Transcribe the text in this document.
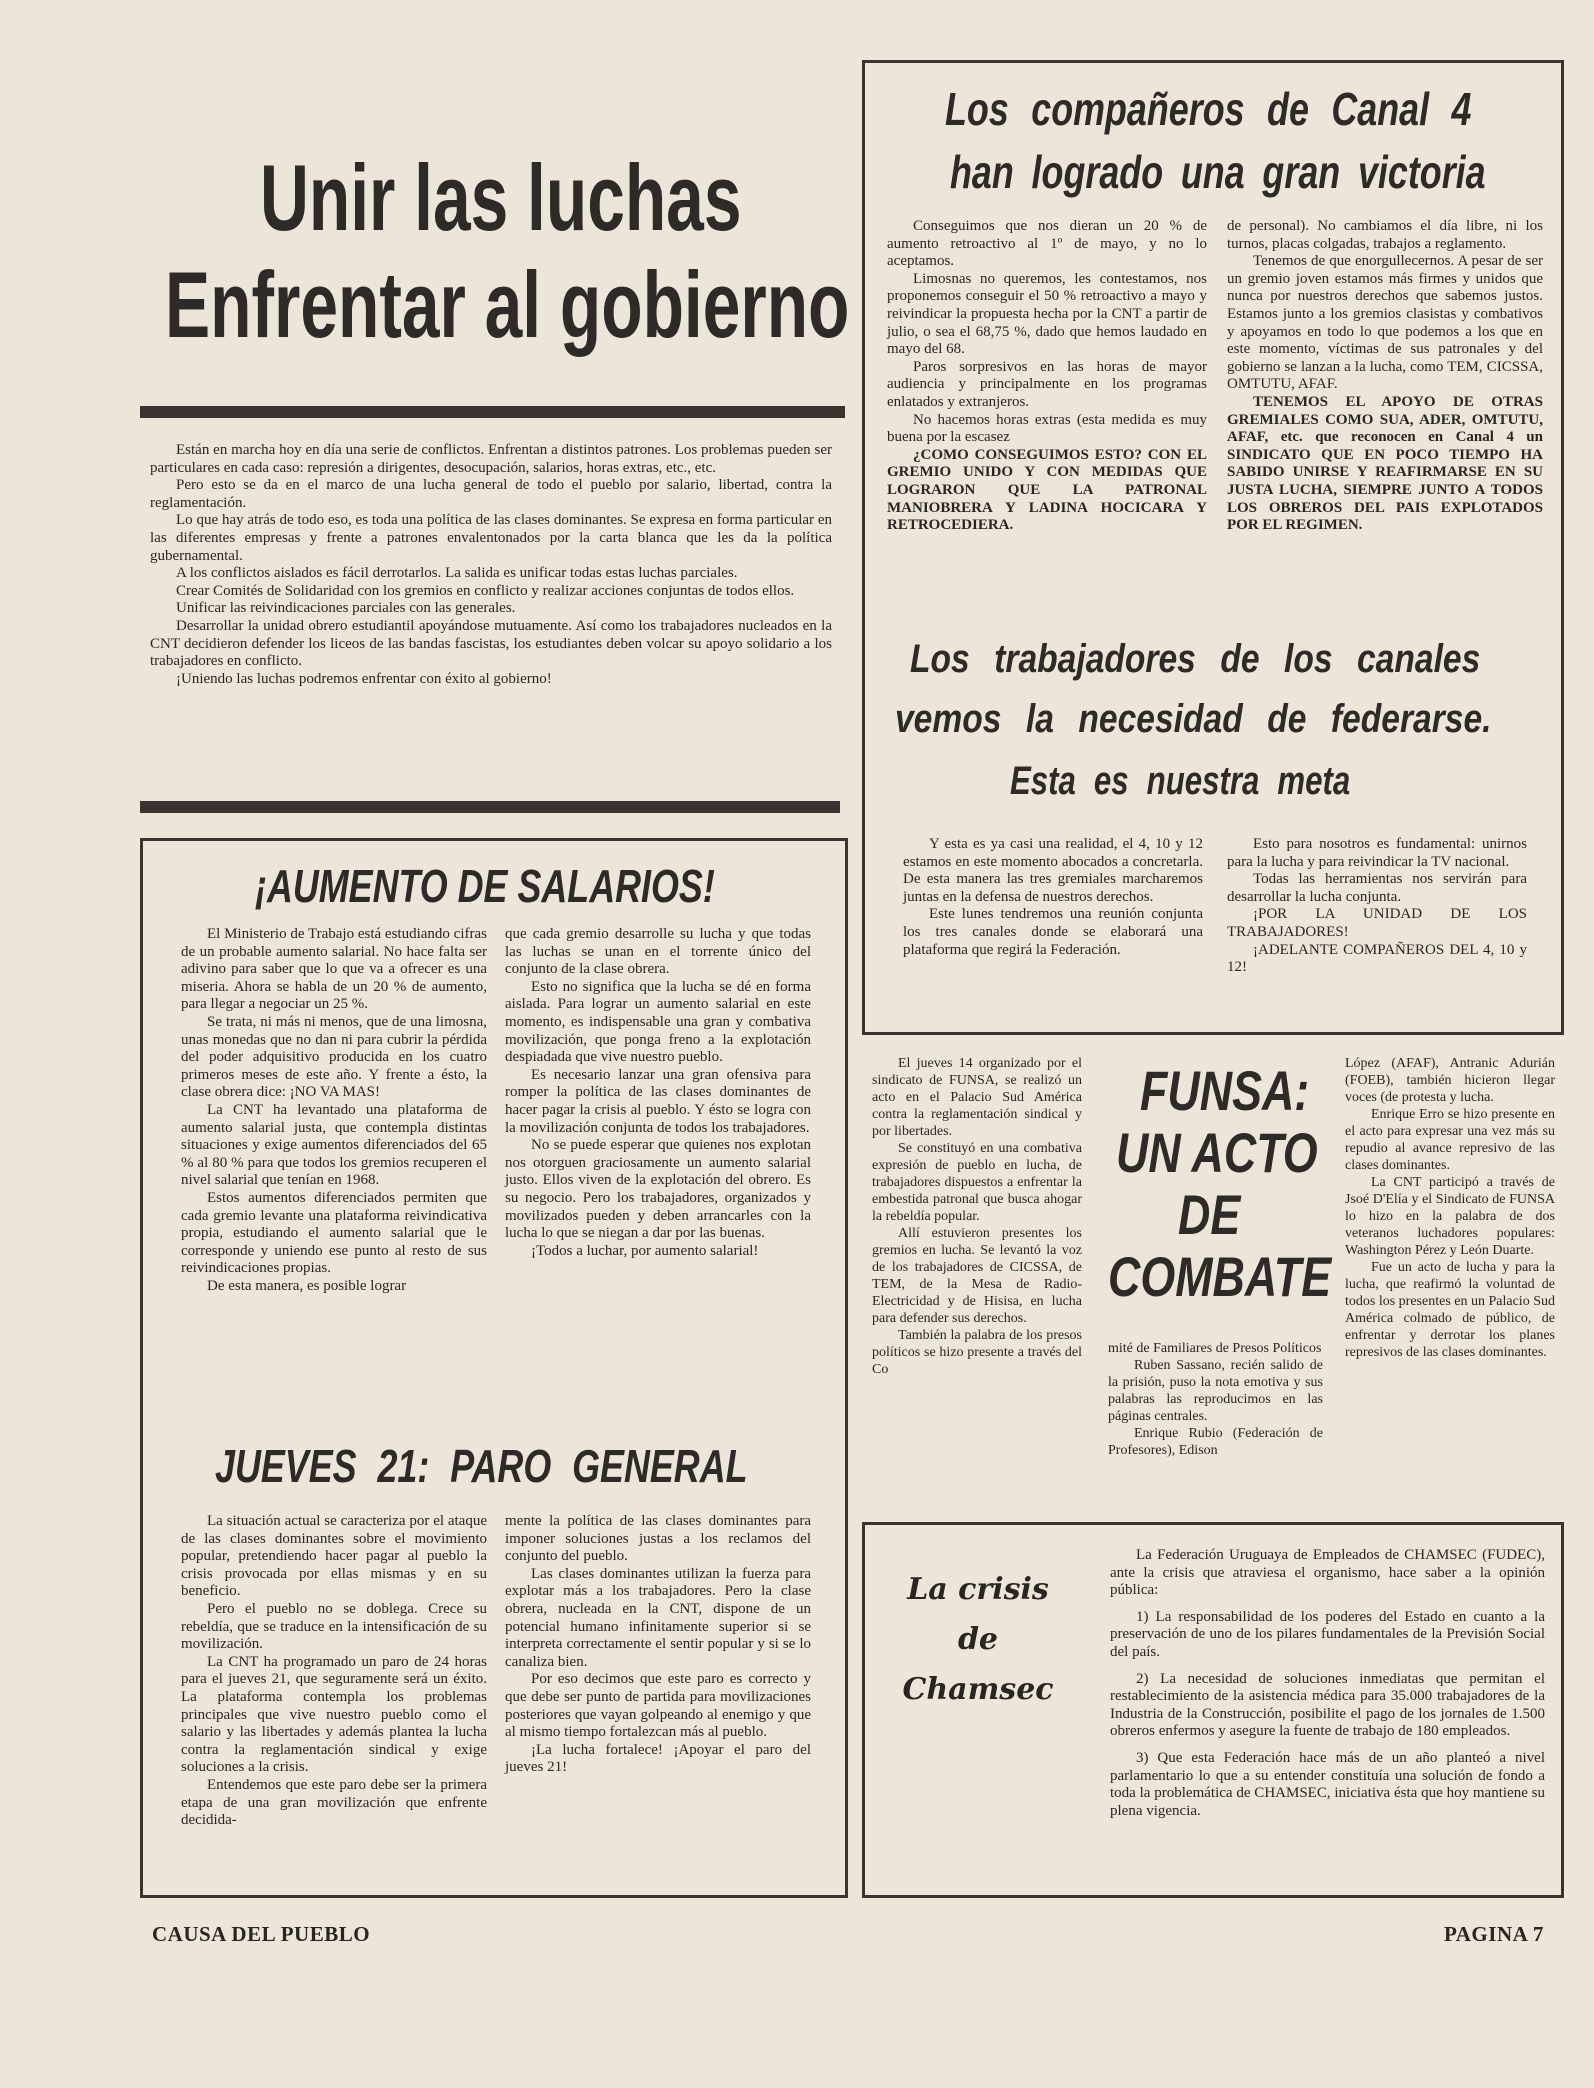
Unir las luchas
Enfrentar al gobierno

Están en marcha hoy en día una serie de conflictos. Enfrentan a distintos patrones. Los problemas pueden ser particulares en cada caso: represión a dirigentes, desocupación, salarios, horas extras, etc., etc.

Pero esto se da en el marco de una lucha general de todo el pueblo por salario, libertad, contra la reglamentación.

Lo que hay atrás de todo eso, es toda una política de las clases dominantes. Se expresa en forma particular en las diferentes empresas y frente a patrones envalentonados por la carta blanca que les da la política gubernamental.

A los conflictos aislados es fácil derrotarlos. La salida es unificar todas estas luchas parciales.

Crear Comités de Solidaridad con los gremios en conflicto y realizar acciones conjuntas de todos ellos.

Unificar las reivindicaciones parciales con las generales.

Desarrollar la unidad obrero estudiantil apoyándose mutuamente. Así como los trabajadores nucleados en la CNT decidieron defender los liceos de las bandas fascistas, los estudiantes deben volcar su apoyo solidario a los trabajadores en conflicto.

¡Uniendo las luchas podremos enfrentar con éxito al gobierno!

¡AUMENTO DE SALARIOS!

El Ministerio de Trabajo está estudiando cifras de un probable aumento salarial. No hace falta ser adivino para saber que lo que va a ofrecer es una miseria. Ahora se habla de un 20 % de aumento, para llegar a negociar un 25 %.

Se trata, ni más ni menos, que de una limosna, unas monedas que no dan ni para cubrir la pérdida del poder adquisitivo producida en los cuatro primeros meses de este año. Y frente a ésto, la clase obrera dice: ¡NO VA MAS!

La CNT ha levantado una plataforma de aumento salarial justa, que contempla distintas situaciones y exige aumentos diferenciados del 65 % al 80 % para que todos los gremios recuperen el nivel salarial que tenían en 1968.

Estos aumentos diferenciados permiten que cada gremio levante una plataforma reivindicativa propia, estudiando el aumento salarial que le corresponde y uniendo ese punto al resto de sus reivindicaciones propias.

De esta manera, es posible lograr

que cada gremio desarrolle su lucha y que todas las luchas se unan en el torrente único del conjunto de la clase obrera.

Esto no significa que la lucha se dé en forma aislada. Para lograr un aumento salarial en este momento, es indispensable una gran y combativa movilización, que ponga freno a la explotación despiadada que vive nuestro pueblo.

Es necesario lanzar una gran ofensiva para romper la política de las clases dominantes de hacer pagar la crisis al pueblo. Y ésto se logra con la movilización conjunta de todos los trabajadores.

No se puede esperar que quienes nos explotan nos otorguen graciosamente un aumento salarial justo. Ellos viven de la explotación del obrero. Es su negocio. Pero los trabajadores, organizados y movilizados pueden y deben arrancarles con la lucha lo que se niegan a dar por las buenas.

¡Todos a luchar, por aumento salarial!

JUEVES 21: PARO GENERAL

La situación actual se caracteriza por el ataque de las clases dominantes sobre el movimiento popular, pretendiendo hacer pagar al pueblo la crisis provocada por ellas mismas y en su beneficio.

Pero el pueblo no se doblega. Crece su rebeldía, que se traduce en la intensificación de su movilización.

La CNT ha programado un paro de 24 horas para el jueves 21, que seguramente será un éxito. La plataforma contempla los problemas principales que vive nuestro pueblo como el salario y las libertades y además plantea la lucha contra la reglamentación sindical y exige soluciones a la crisis.

Entendemos que este paro debe ser la primera etapa de una gran movilización que enfrente decidida-

mente la política de las clases dominantes para imponer soluciones justas a los reclamos del conjunto del pueblo.

Las clases dominantes utilizan la fuerza para explotar más a los trabajadores. Pero la clase obrera, nucleada en la CNT, dispone de un potencial humano infinitamente superior si se interpreta correctamente el sentir popular y si se lo canaliza bien.

Por eso decimos que este paro es correcto y que debe ser punto de partida para movilizaciones posteriores que vayan golpeando al enemigo y que al mismo tiempo fortalezcan más al pueblo.

¡La lucha fortalece! ¡Apoyar el paro del jueves 21!

Los compañeros de Canal 4
han logrado una gran victoria

Conseguimos que nos dieran un 20 % de aumento retroactivo al 1º de mayo, y no lo aceptamos.

Limosnas no queremos, les contestamos, nos proponemos conseguir el 50 % retroactivo a mayo y reivindicar la propuesta hecha por la CNT a partir de julio, o sea el 68,75 %, dado que hemos laudado en mayo del 68.

Paros sorpresivos en las horas de mayor audiencia y principalmente en los programas enlatados y extranjeros.

No hacemos horas extras (esta medida es muy buena por la escasez

¿COMO CONSEGUIMOS ESTO? CON EL GREMIO UNIDO Y CON MEDIDAS QUE LOGRARON QUE LA PATRONAL MANIOBRERA Y LADINA HOCICARA Y RETROCEDIERA.

de personal). No cambiamos el día libre, ni los turnos, placas colgadas, trabajos a reglamento.

Tenemos de que enorgullecernos. A pesar de ser un gremio joven estamos más firmes y unidos que nunca por nuestros derechos que sabemos justos. Estamos junto a los gremios clasistas y combativos y apoyamos en todo lo que podemos a los que en este momento, víctimas de sus patronales y del gobierno se lanzan a la lucha, como TEM, CICSSA, OMTUTU, AFAF.

TENEMOS EL APOYO DE OTRAS GREMIALES COMO SUA, ADER, OMTUTU, AFAF, etc. que reconocen en Canal 4 un SINDICATO QUE EN POCO TIEMPO HA SABIDO UNIRSE Y REAFIRMARSE EN SU JUSTA LUCHA, SIEMPRE JUNTO A TODOS LOS OBREROS DEL PAIS EXPLOTADOS POR EL REGIMEN.

Los trabajadores de los canales
vemos la necesidad de federarse.
Esta es nuestra meta

Y esta es ya casi una realidad, el 4, 10 y 12 estamos en este momento abocados a concretarla. De esta manera las tres gremiales marcharemos juntas en la defensa de nuestros derechos.

Este lunes tendremos una reunión conjunta los tres canales donde se elaborará una plataforma que regirá la Federación.

Esto para nosotros es fundamental: unirnos para la lucha y para reivindicar la TV nacional.

Todas las herramientas nos servirán para desarrollar la lucha conjunta.

¡POR LA UNIDAD DE LOS TRABAJADORES!

¡ADELANTE COMPAÑEROS DEL 4, 10 y 12!

El jueves 14 organizado por el sindicato de FUNSA, se realizó un acto en el Palacio Sud América contra la reglamentación sindical y por libertades.

Se constituyó en una combativa expresión de pueblo en lucha, de trabajadores dispuestos a enfrentar la embestida patronal que busca ahogar la rebeldía popular.

Allí estuvieron presentes los gremios en lucha. Se levantó la voz de los trabajadores de CICSSA, de TEM, de la Mesa de Radio-Electricidad y de Hisisa, en lucha para defender sus derechos.

También la palabra de los presos políticos se hizo presente a través del Co

FUNSA:
UN ACTO
DE
COMBATE

mité de Familiares de Presos Políticos

Ruben Sassano, recién salido de la prisión, puso la nota emotiva y sus palabras las reproducimos en las páginas centrales.

Enrique Rubio (Federación de Profesores), Edison

López (AFAF), Antranic Adurián (FOEB), también hicieron llegar voces (de protesta y lucha.

Enrique Erro se hizo presente en el acto para expresar una vez más su repudio al avance represivo de las clases dominantes.

La CNT participó a través de Jsoé D'Elía y el Sindicato de FUNSA lo hizo en la palabra de dos veteranos luchadores populares: Washington Pérez y León Duarte.

Fue un acto de lucha y para la lucha, que reafirmó la voluntad de todos los presentes en un Palacio Sud América colmado de público, de enfrentar y derrotar los planes represivos de las clases dominantes.

La crisis
de
Chamsec

La Federación Uruguaya de Empleados de CHAMSEC (FUDEC), ante la crisis que atraviesa el organismo, hace saber a la opinión pública:

1) La responsabilidad de los poderes del Estado en cuanto a la preservación de uno de los pilares fundamentales de la Previsión Social del país.

2) La necesidad de soluciones inmediatas que permitan el restablecimiento de la asistencia médica para 35.000 trabajadores de la Industria de la Construcción, posibilite el pago de los jornales de 1.500 obreros enfermos y asegure la fuente de trabajo de 180 empleados.

3) Que esta Federación hace más de un año planteó a nivel parlamentario lo que a su entender constituía una solución de fondo a toda la problemática de CHAMSEC, iniciativa ésta que hoy mantiene su plena vigencia.

CAUSA DEL PUEBLO	PAGINA 7
